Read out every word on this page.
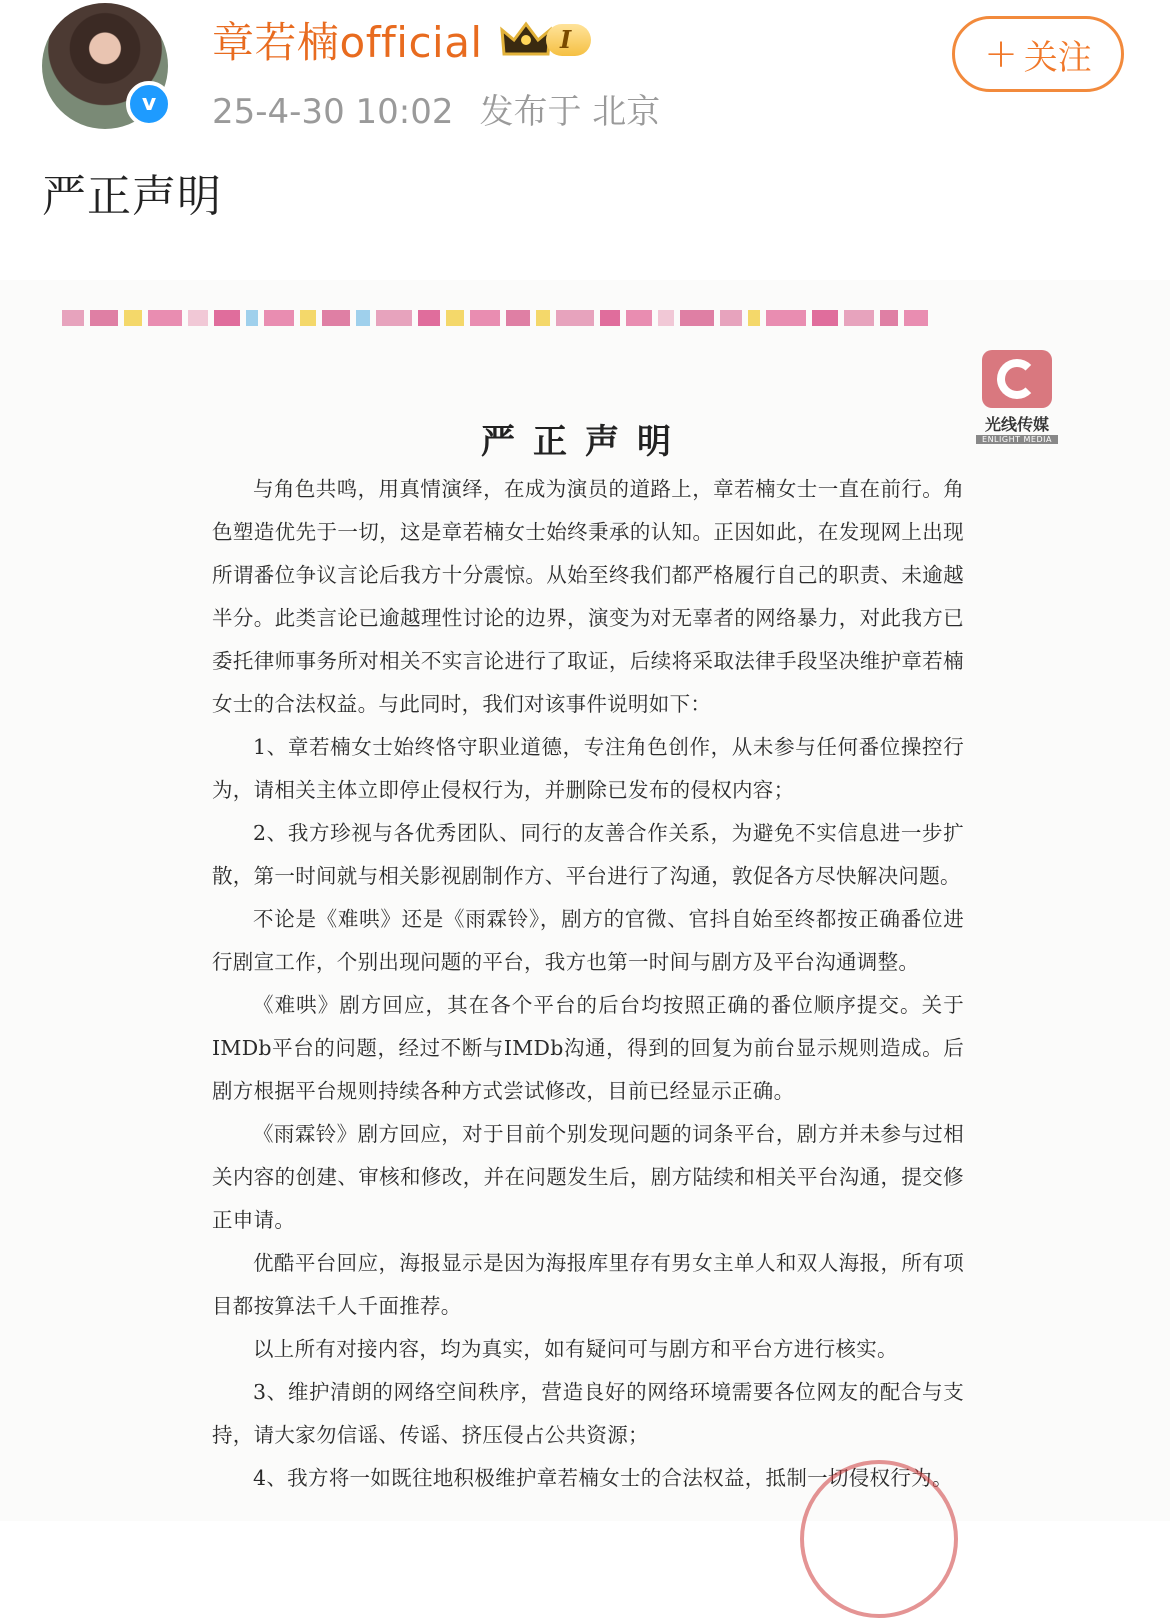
v
章若楠official	I
25-4-30 10:02 发布于 北京
+ 关注
严正声明
光线传媒
ENLIGHT MEDIA
严正声明

与角色共鸣，用真情演绎，在成为演员的道路上，章若楠女士一直在前行。角色塑造优先于一切，这是章若楠女士始终秉承的认知。正因如此，在发现网上出现所谓番位争议言论后我方十分震惊。从始至终我们都严格履行自己的职责、未逾越半分。此类言论已逾越理性讨论的边界，演变为对无辜者的网络暴力，对此我方已委托律师事务所对相关不实言论进行了取证，后续将采取法律手段坚决维护章若楠女士的合法权益。与此同时，我们对该事件说明如下：

1、章若楠女士始终恪守职业道德，专注角色创作，从未参与任何番位操控行为，请相关主体立即停止侵权行为，并删除已发布的侵权内容；

2、我方珍视与各优秀团队、同行的友善合作关系，为避免不实信息进一步扩散，第一时间就与相关影视剧制作方、平台进行了沟通，敦促各方尽快解决问题。

不论是《难哄》还是《雨霖铃》，剧方的官微、官抖自始至终都按正确番位进行剧宣工作，个别出现问题的平台，我方也第一时间与剧方及平台沟通调整。

《难哄》剧方回应，其在各个平台的后台均按照正确的番位顺序提交。关于IMDb平台的问题，经过不断与IMDb沟通，得到的回复为前台显示规则造成。后剧方根据平台规则持续各种方式尝试修改，目前已经显示正确。

《雨霖铃》剧方回应，对于目前个别发现问题的词条平台，剧方并未参与过相关内容的创建、审核和修改，并在问题发生后，剧方陆续和相关平台沟通，提交修正申请。

优酷平台回应，海报显示是因为海报库里存有男女主单人和双人海报，所有项目都按算法千人千面推荐。

以上所有对接内容，均为真实，如有疑问可与剧方和平台方进行核实。

3、维护清朗的网络空间秩序，营造良好的网络环境需要各位网友的配合与支持，请大家勿信谣、传谣、挤压侵占公共资源；

4、我方将一如既往地积极维护章若楠女士的合法权益，抵制一切侵权行为。
